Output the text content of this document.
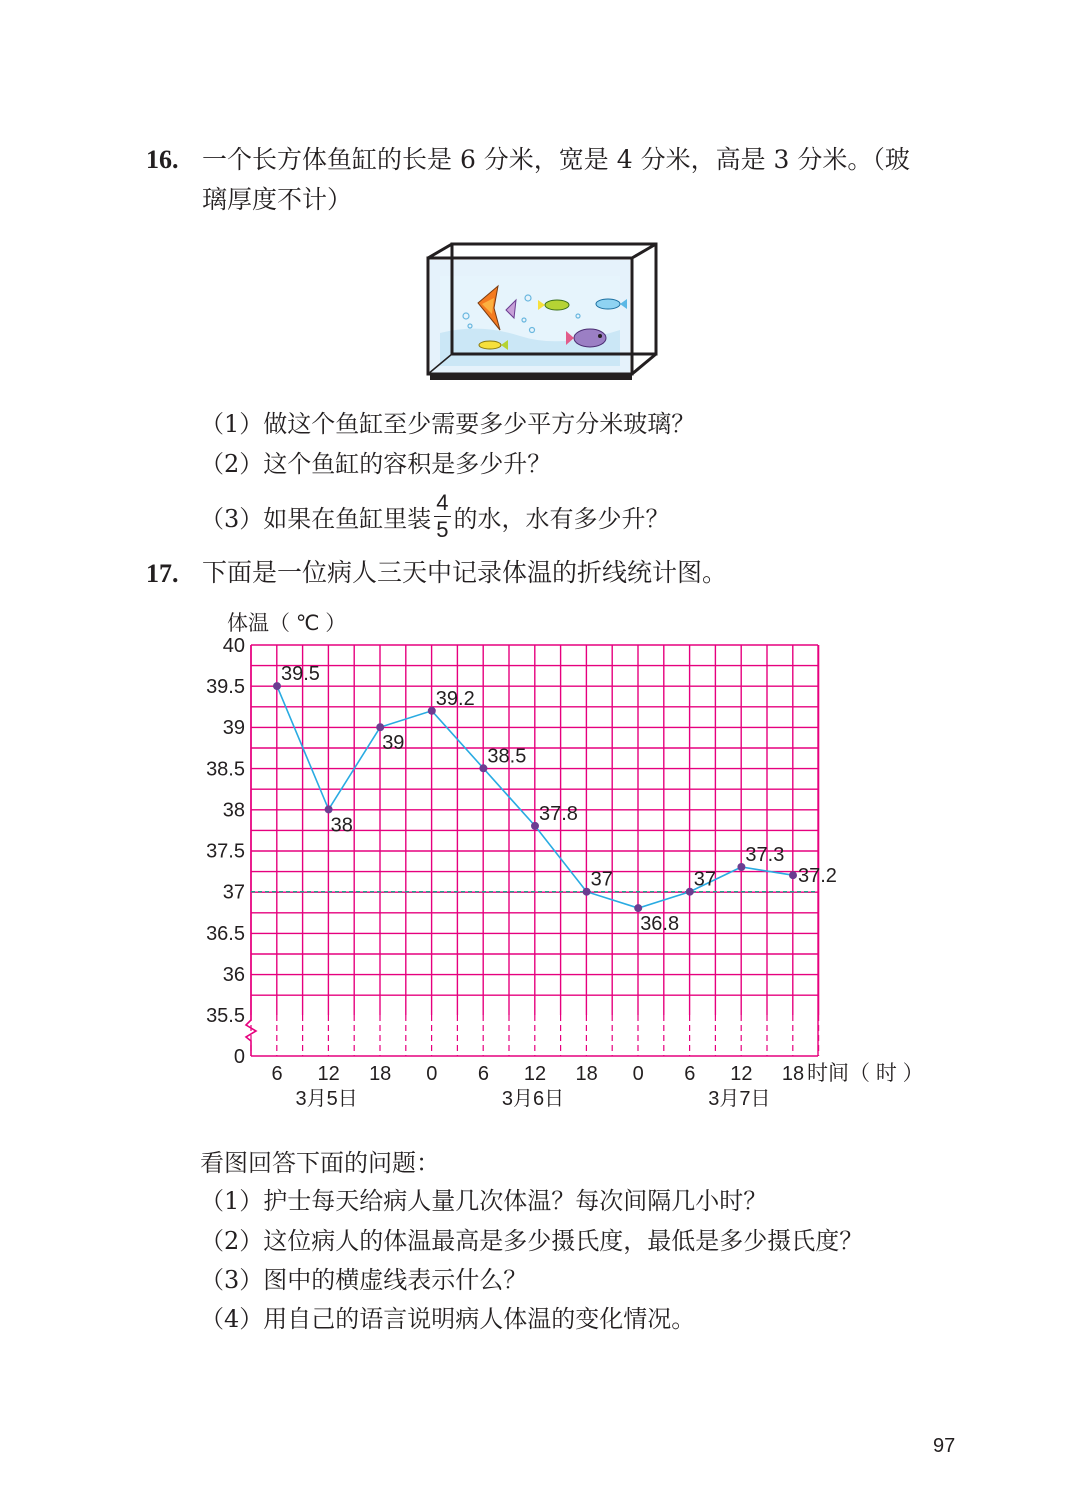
16. 一个长方体鱼缸的长是 6 分米，宽是 4 分米，高是 3 分米。（玻
璃厚度不计）
（1）做这个鱼缸至少需要多少平方分米玻璃？
（2）这个鱼缸的容积是多少升？
（3）如果在鱼缸里装 $\frac{4}{5}$ 的水，水有多少升？
17. 下面是一位病人三天中记录体温的折线统计图。
0
35.5
36
36.5
37
37.5
38
38.5
39
39.5
40
体温（ ℃ ）
6 12 18 0 6 12 18 0 6 12 18 时间（ 时 ）
3月5日	3月6日	3月7日
39.5
38
39
39.2
38.5
37.8
37
36.8
37
37.3
37.2
看图回答下面的问题：
（1）护士每天给病人量几次体温？每次间隔几小时？
（2）这位病人的体温最高是多少摄氏度，最低是多少摄氏度？
（3）图中的横虚线表示什么？
（4）用自己的语言说明病人体温的变化情况。
97
